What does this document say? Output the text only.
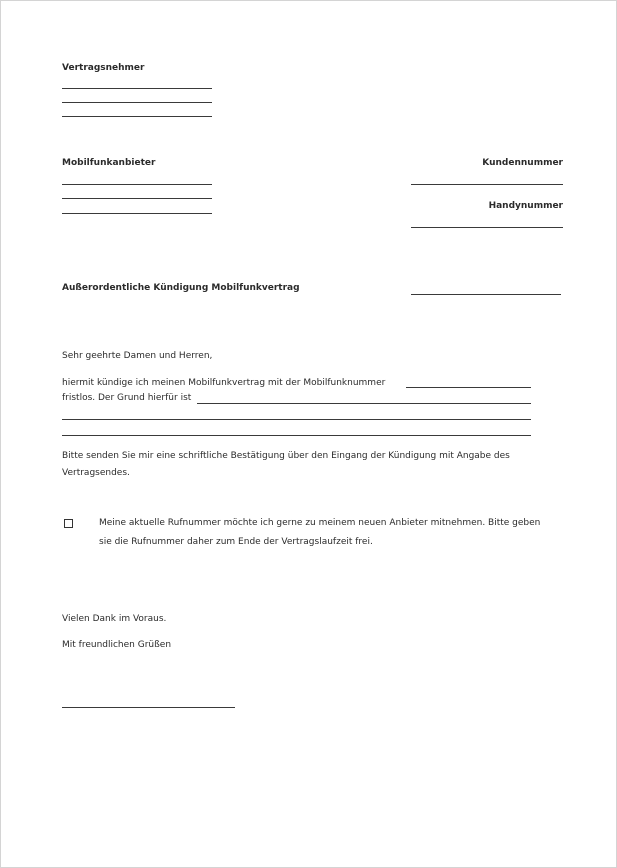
Vertragsnehmer
Mobilfunkanbieter	Kundennummer
Handynummer
Außerordentliche Kündigung Mobilfunkvertrag
Sehr geehrte Damen und Herren,
hiermit kündige ich meinen Mobilfunkvertrag mit der Mobilfunknummer
fristlos. Der Grund hierfür ist
Bitte senden Sie mir eine schriftliche Bestätigung über den Eingang der Kündigung mit Angabe des
Vertragsendes.
Meine aktuelle Rufnummer möchte ich gerne zu meinem neuen Anbieter mitnehmen. Bitte geben
sie die Rufnummer daher zum Ende der Vertragslaufzeit frei.
Vielen Dank im Voraus.
Mit freundlichen Grüßen
